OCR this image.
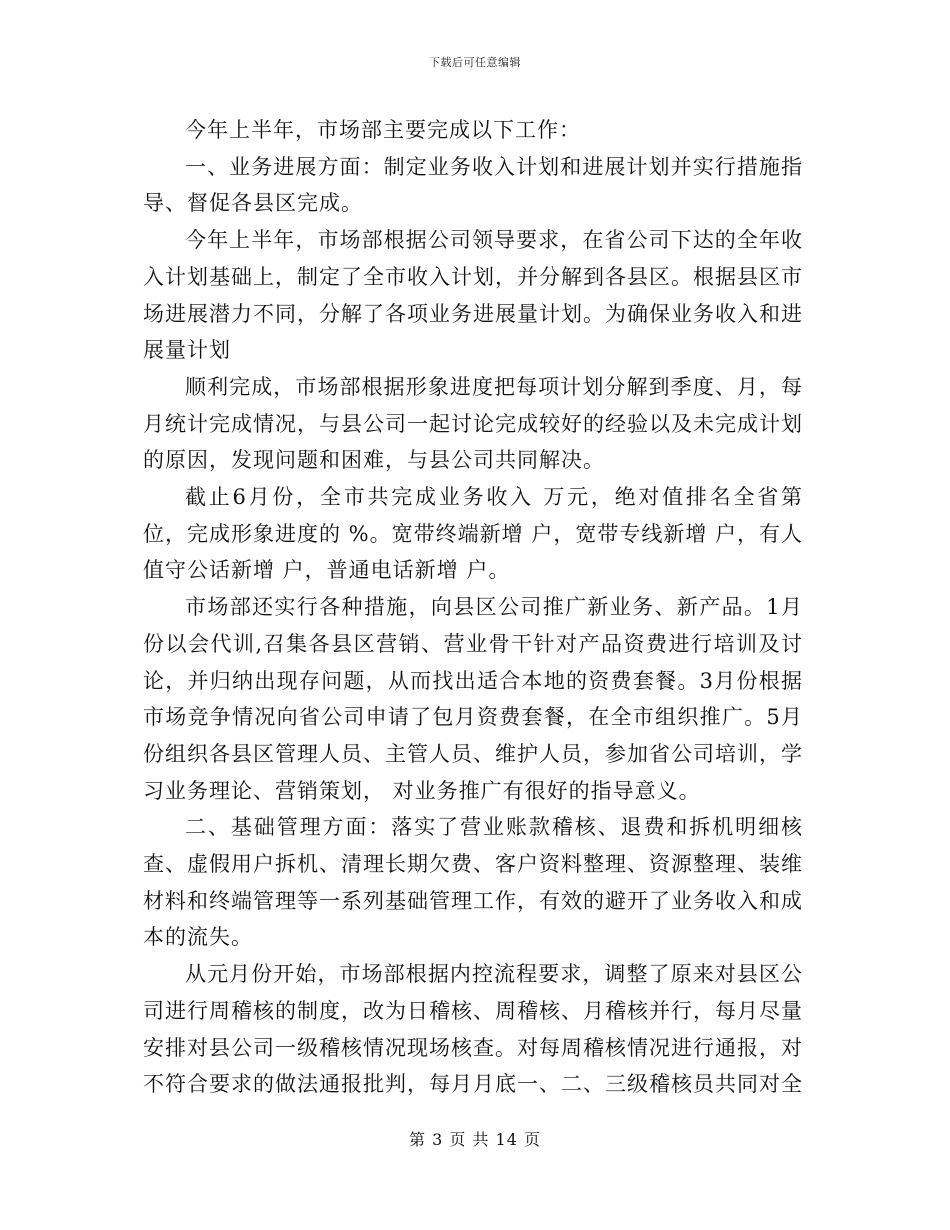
下载后可任意编辑

今年上半年，市场部主要完成以下工作：

一、业务进展方面：制定业务收入计划和进展计划并实行措施指导、督促各县区完成。

今年上半年，市场部根据公司领导要求，在省公司下达的全年收入计划基础上，制定了全市收入计划，并分解到各县区。根据县区市场进展潜力不同，分解了各项业务进展量计划。为确保业务收入和进展量计划

顺利完成，市场部根据形象进度把每项计划分解到季度、月，每月统计完成情况，与县公司一起讨论完成较好的经验以及未完成计划的原因，发现问题和困难，与县公司共同解决。

截止6月份，全市共完成业务收入 万元，绝对值排名全省第 位，完成形象进度的 %。宽带终端新增 户，宽带专线新增 户，有人值守公话新增 户，普通电话新增 户。

市场部还实行各种措施，向县区公司推广新业务、新产品。1月份以会代训,召集各县区营销、营业骨干针对产品资费进行培训及讨论，并归纳出现存问题，从而找出适合本地的资费套餐。3月份根据市场竞争情况向省公司申请了包月资费套餐，在全市组织推广。5月份组织各县区管理人员、主管人员、维护人员，参加省公司培训，学习业务理论、营销策划， 对业务推广有很好的指导意义。

二、基础管理方面：落实了营业账款稽核、退费和拆机明细核查、虚假用户拆机、清理长期欠费、客户资料整理、资源整理、装维材料和终端管理等一系列基础管理工作，有效的避开了业务收入和成本的流失。

从元月份开始，市场部根据内控流程要求，调整了原来对县区公司进行周稽核的制度，改为日稽核、周稽核、月稽核并行，每月尽量安排对县公司一级稽核情况现场核查。对每周稽核情况进行通报，对不符合要求的做法通报批判，每月月底一、二、三级稽核员共同对全

第 3 页 共 14 页
